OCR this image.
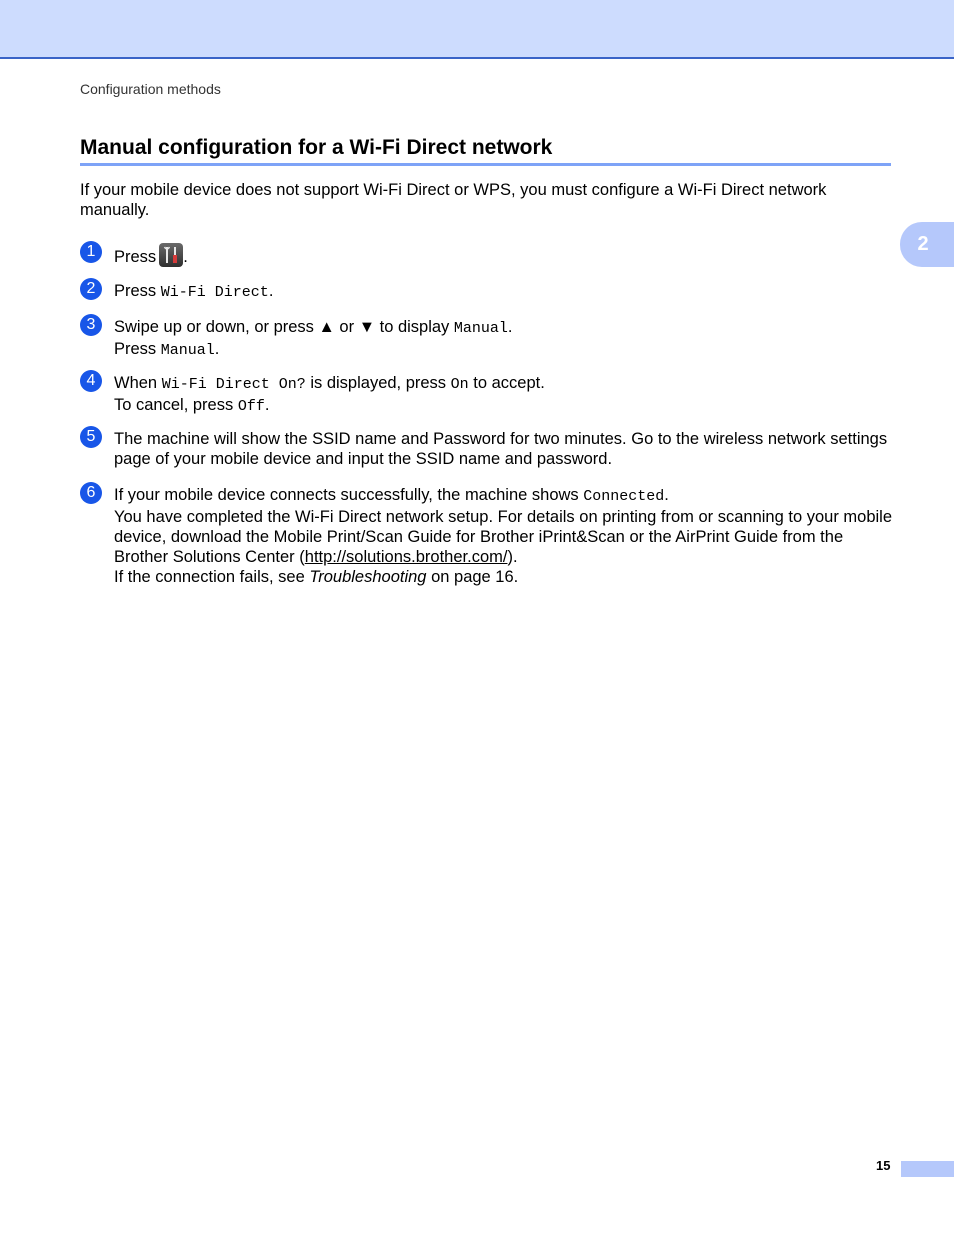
Configuration methods
Manual configuration for a Wi-Fi Direct network

If your mobile device does not support Wi-Fi Direct or WPS, you must configure a Wi-Fi Direct network manually.

2
1	Press .
2	Press Wi-Fi Direct.
3	Swipe up or down, or press ▲ or ▼ to display Manual.
Press Manual.
4	When Wi-Fi Direct On? is displayed, press On to accept.
To cancel, press Off.
5	The machine will show the SSID name and Password for two minutes. Go to the wireless network settings page of your mobile device and input the SSID name and password.
6	If your mobile device connects successfully, the machine shows Connected.
You have completed the Wi-Fi Direct network setup. For details on printing from or scanning to your mobile device, download the Mobile Print/Scan Guide for Brother iPrint&Scan or the AirPrint Guide from the Brother Solutions Center (http://solutions.brother.com/).
If the connection fails, see Troubleshooting on page 16.
15
